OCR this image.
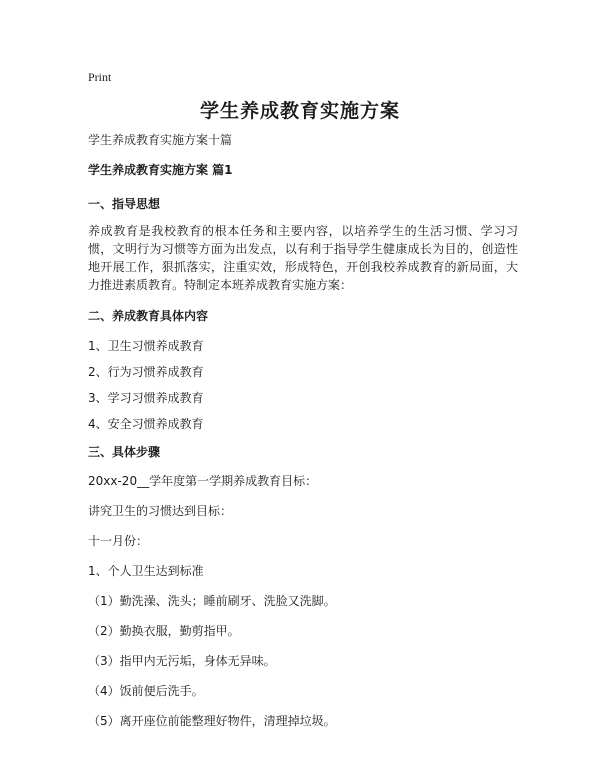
Print
学生养成教育实施方案

学生养成教育实施方案十篇

学生养成教育实施方案 篇1

一、指导思想

养成教育是我校教育的根本任务和主要内容，以培养学生的生活习惯、学习习惯，文明行为习惯等方面为出发点，以有利于指导学生健康成长为目的，创造性地开展工作，狠抓落实，注重实效，形成特色，开创我校养成教育的新局面，大力推进素质教育。特制定本班养成教育实施方案：

二、养成教育具体内容

1、卫生习惯养成教育

2、行为习惯养成教育

3、学习习惯养成教育

4、安全习惯养成教育

三、具体步骤

20xx-20__学年度第一学期养成教育目标：

讲究卫生的习惯达到目标：

十一月份：

1、个人卫生达到标准

（1）勤洗澡、洗头；睡前刷牙、洗脸又洗脚。

（2）勤换衣服，勤剪指甲。

（3）指甲内无污垢，身体无异味。

（4）饭前便后洗手。

（5）离开座位前能整理好物件，清理掉垃圾。
